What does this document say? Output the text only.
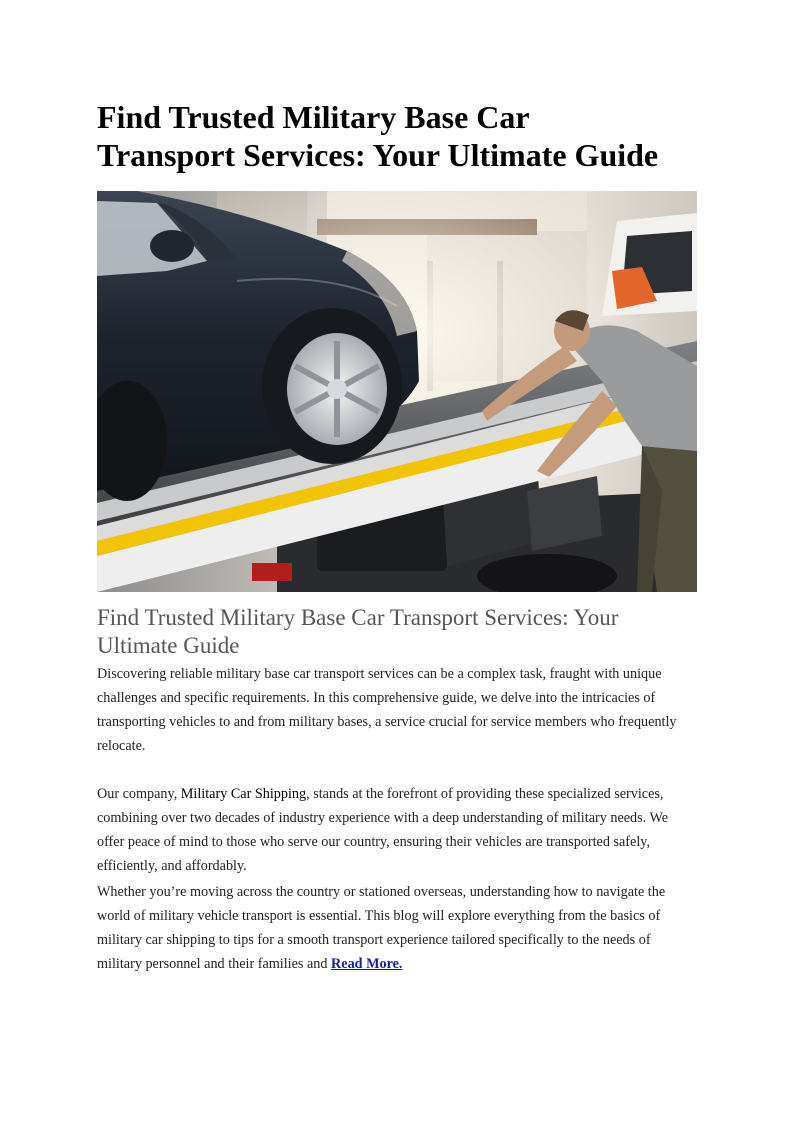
Find Trusted Military Base Car
Transport Services: Your Ultimate Guide
Find Trusted Military Base Car Transport Services: Your
Ultimate Guide

Discovering reliable military base car transport services can be a complex task, fraught with unique challenges and specific requirements. In this comprehensive guide, we delve into the intricacies of transporting vehicles to and from military bases, a service crucial for service members who frequently relocate.

Our company, Military Car Shipping, stands at the forefront of providing these specialized services, combining over two decades of industry experience with a deep understanding of military needs. We offer peace of mind to those who serve our country, ensuring their vehicles are transported safely, efficiently, and affordably.

Whether you’re moving across the country or stationed overseas, understanding how to navigate the world of military vehicle transport is essential. This blog will explore everything from the basics of military car shipping to tips for a smooth transport experience tailored specifically to the needs of military personnel and their families and Read More.
